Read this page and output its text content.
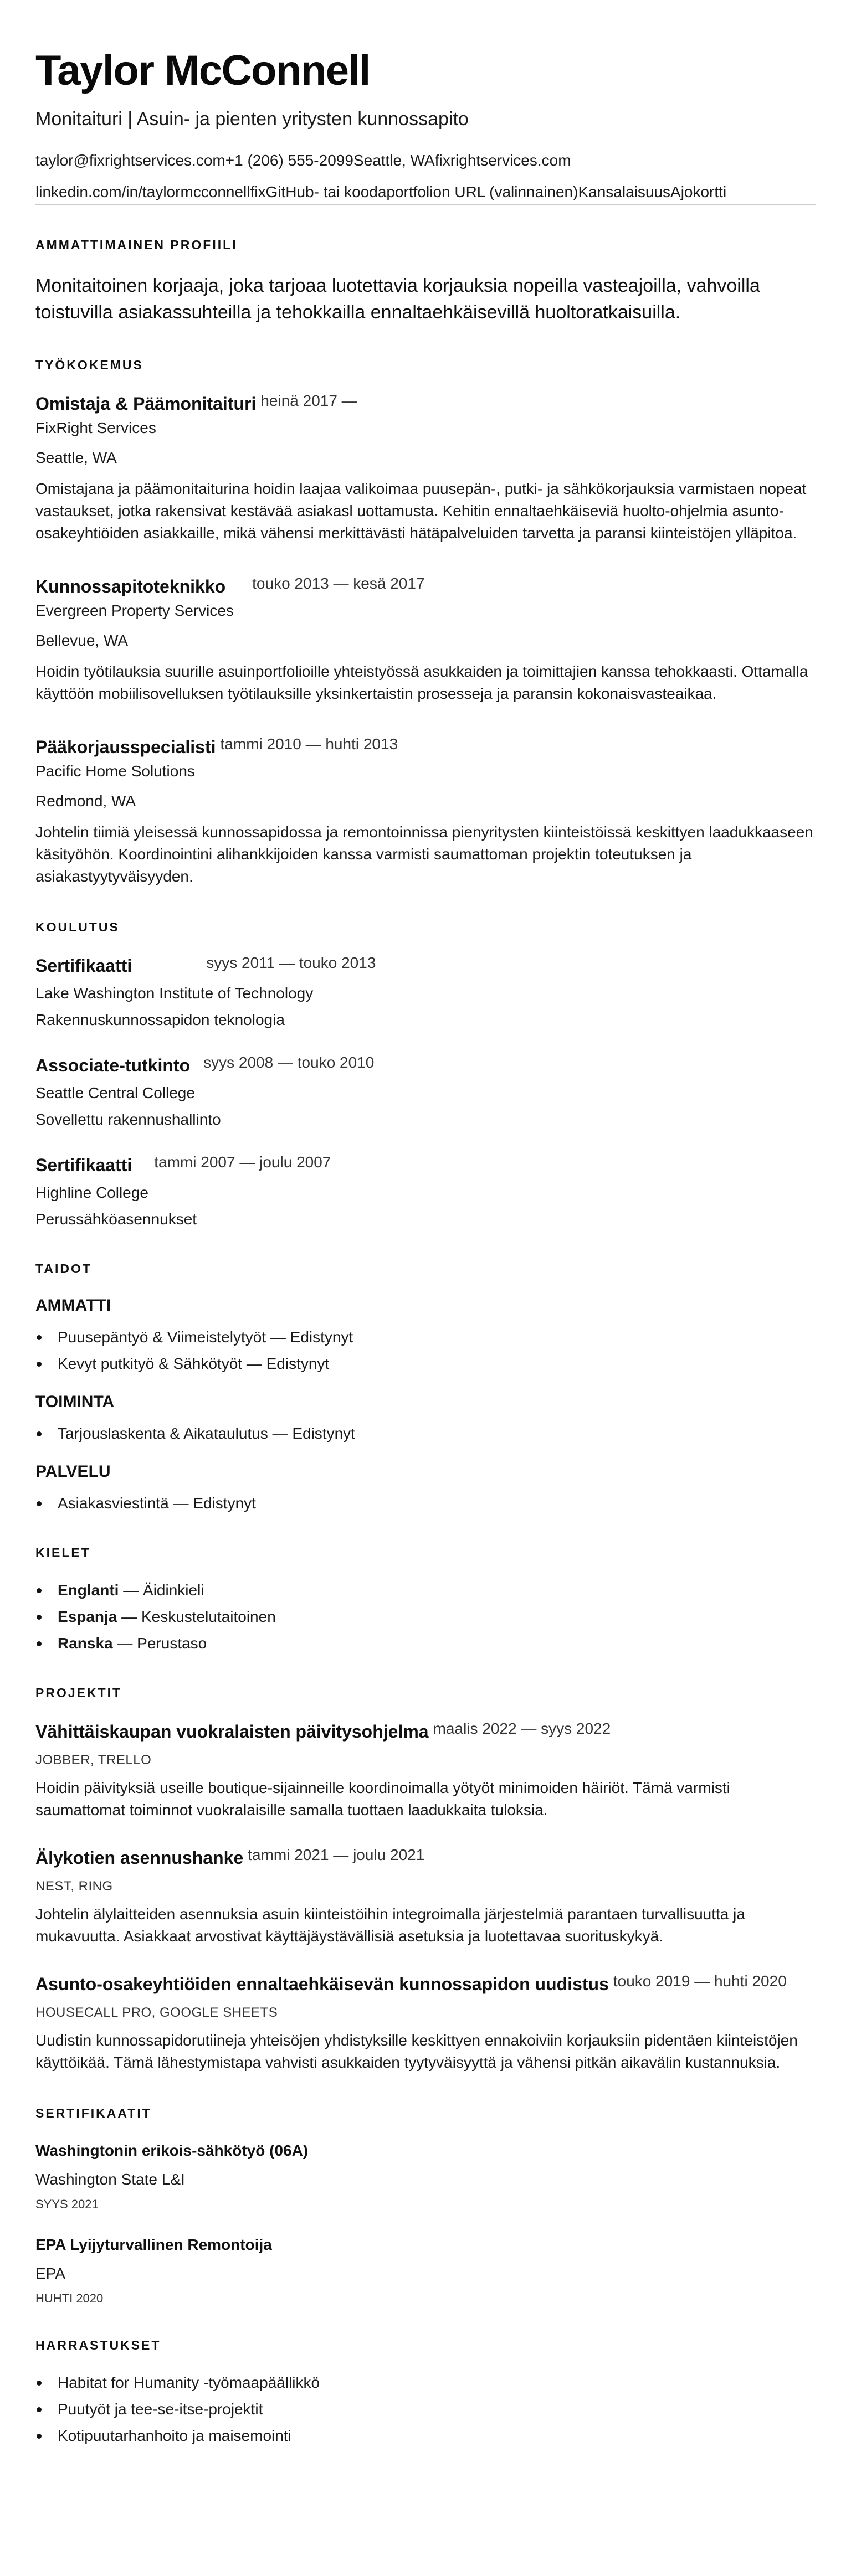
Taylor McConnell
Monitaituri | Asuin- ja pienten yritysten kunnossapito
taylor@fixrightservices.com +1 (206) 555-2099 Seattle, WA fixrightservices.com
linkedin.com/in/taylormcconnellfix GitHub- tai koodaportfolion URL (valinnainen) Kansalaisuus Ajokortti
AMMATTIMAINEN PROFIILI
Monitaitoinen korjaaja, joka tarjoaa luotettavia korjauksia nopeilla vasteajoilla, vahvoilla toistuvilla asiakassuhteilla ja tehokkailla ennaltaehkäisevillä huoltoratkaisuilla.
TYÖKOKEMUS
Omistaja & Päämonitaituri heinä 2017 —
FixRight Services
Seattle, WA
Omistajana ja päämonitaiturina hoidin laajaa valikoimaa puusepän-, putki- ja sähkökorjauksia varmistaen nopeat vastaukset, jotka rakensivat kestävää asiakasl uottamusta. Kehitin ennaltaehkäiseviä huolto-ohjelmia asunto-osakeyhtiöiden asiakkaille, mikä vähensi merkittävästi hätäpalveluiden tarvetta ja paransi kiinteistöjen ylläpitoa.
Kunnossapitoteknikko touko 2013 — kesä 2017
Evergreen Property Services
Bellevue, WA
Hoidin työtilauksia suurille asuinportfolioille yhteistyössä asukkaiden ja toimittajien kanssa tehokkaasti. Ottamalla käyttöön mobiilisovelluksen työtilauksille yksinkertaistin prosesseja ja paransin kokonaisvasteaikaa.
Pääkorjausspecialisti tammi 2010 — huhti 2013
Pacific Home Solutions
Redmond, WA
Johtelin tiimiä yleisessä kunnossapidossa ja remontoinnissa pienyritysten kiinteistöissä keskittyen laadukkaaseen käsityöhön. Koordinointini alihankkijoiden kanssa varmisti saumattoman projektin toteutuksen ja asiakastyytyväisyyden.
KOULUTUS
Sertifikaatti	syys 2011 — touko 2013
Lake Washington Institute of Technology
Rakennuskunnossapidon teknologia
Associate-tutkinto syys 2008 — touko 2010
Seattle Central College
Sovellettu rakennushallinto
Sertifikaatti tammi 2007 — joulu 2007
Highline College
Perussähköasennukset
TAIDOT
AMMATTI
Puusepäntyö & Viimeistelytyöt — Edistynyt
Kevyt putkityö & Sähkötyöt — Edistynyt
TOIMINTA
Tarjouslaskenta & Aikataulutus — Edistynyt
PALVELU
Asiakasviestintä — Edistynyt
KIELET
Englanti — Äidinkieli
Espanja — Keskustelutaitoinen
Ranska — Perustaso
PROJEKTIT
Vähittäiskaupan vuokralaisten päivitysohjelma maalis 2022 — syys 2022
JOBBER, TRELLO
Hoidin päivityksiä useille boutique-sijainneille koordinoimalla yötyöt minimoiden häiriöt. Tämä varmisti saumattomat toiminnot vuokralaisille samalla tuottaen laadukkaita tuloksia.
Älykotien asennushanke tammi 2021 — joulu 2021
NEST, RING
Johtelin älylaitteiden asennuksia asuin kiinteistöihin integroimalla järjestelmiä parantaen turvallisuutta ja mukavuutta. Asiakkaat arvostivat käyttäjäystävällisiä asetuksia ja luotettavaa suorituskykyä.
Asunto-osakeyhtiöiden ennaltaehkäisevän kunnossapidon uudistus touko 2019 — huhti 2020
HOUSECALL PRO, GOOGLE SHEETS
Uudistin kunnossapidorutiineja yhteisöjen yhdistyksille keskittyen ennakoiviin korjauksiin pidentäen kiinteistöjen käyttöikää. Tämä lähestymistapa vahvisti asukkaiden tyytyväisyyttä ja vähensi pitkän aikavälin kustannuksia.
SERTIFIKAATIT
Washingtonin erikois-sähkötyö (06A)
Washington State L&I
SYYS 2021
EPA Lyijyturvallinen Remontoija
EPA
HUHTI 2020
HARRASTUKSET
Habitat for Humanity -työmaapäällikkö
Puutyöt ja tee-se-itse-projektit
Kotipuutarhanhoito ja maisemointi
